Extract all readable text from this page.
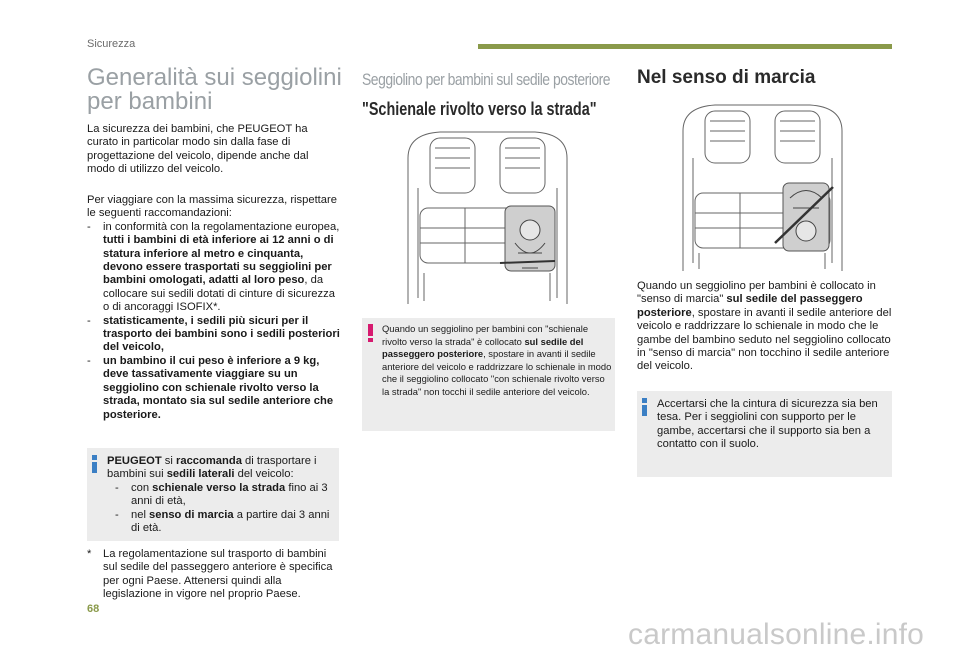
Sicurezza
Generalità sui seggiolini
per bambini
La sicurezza dei bambini, che PEUGEOT ha curato in particolar modo sin dalla fase di progettazione del veicolo, dipende anche dal modo di utilizzo del veicolo.
Per viaggiare con la massima sicurezza, rispettare le seguenti raccomandazioni:
-	in conformità con la regolamentazione europea, tutti i bambini di età inferiore ai 12 anni o di statura inferiore al metro e cinquanta, devono essere trasportati su seggiolini per bambini omologati, adatti al loro peso, da collocare sui sedili dotati di cinture di sicurezza o di ancoraggi ISOFIX*.
-	statisticamente, i sedili più sicuri per il trasporto dei bambini sono i sedili posteriori del veicolo,
-	un bambino il cui peso è inferiore a 9 kg, deve tassativamente viaggiare su un seggiolino con schienale rivolto verso la strada, montato sia sul sedile anteriore che posteriore.
PEUGEOT si raccomanda di trasportare i bambini sui sedili laterali del veicolo:
-	con schienale verso la strada fino ai 3 anni di età,
-	nel senso di marcia a partire dai 3 anni di età.
*	La regolamentazione sul trasporto di bambini sul sedile del passeggero anteriore è specifica per ogni Paese. Attenersi quindi alla legislazione in vigore nel proprio Paese.
Seggiolino per bambini sul sedile posteriore
"Schienale rivolto verso la strada"
Quando un seggiolino per bambini con "schienale rivolto verso la strada" è collocato sul sedile del passeggero posteriore, spostare in avanti il sedile anteriore del veicolo e raddrizzare lo schienale in modo che il seggiolino collocato "con schienale rivolto verso la strada" non tocchi il sedile anteriore del veicolo.
Nel senso di marcia
Quando un seggiolino per bambini è collocato in "senso di marcia" sul sedile del passeggero posteriore, spostare in avanti il sedile anteriore del veicolo e raddrizzare lo schienale in modo che le gambe del bambino seduto nel seggiolino collocato in "senso di marcia" non tocchino il sedile anteriore del veicolo.
Accertarsi che la cintura di sicurezza sia ben tesa. Per i seggiolini con supporto per le gambe, accertarsi che il supporto sia ben a contatto con il suolo.
68
carmanualsonline.info
